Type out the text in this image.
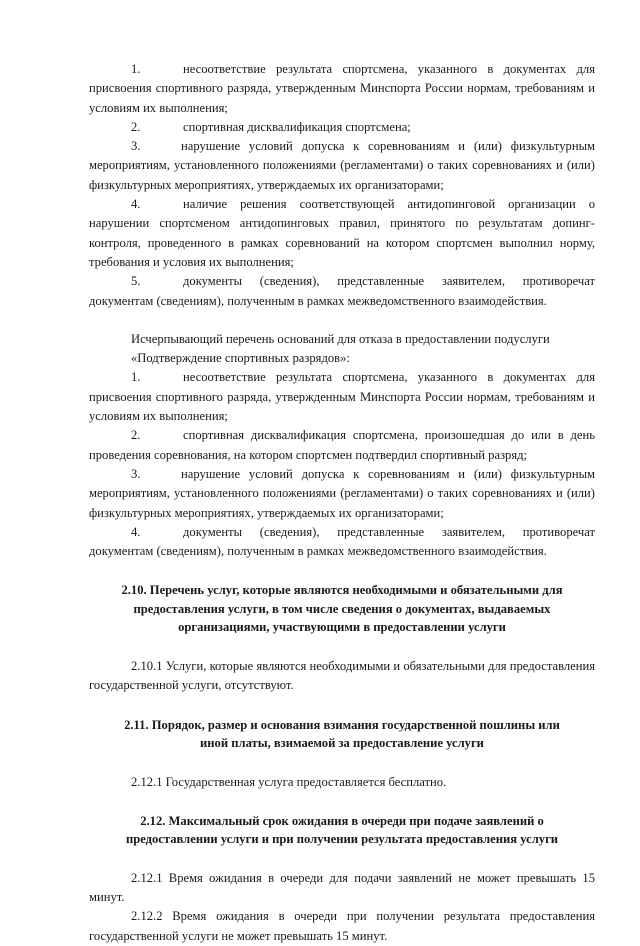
1.	несоответствие результата спортсмена, указанного в документах для присвоения спортивного разряда, утвержденным Минспорта России нормам, требованиям и условиям их выполнения;
2.	спортивная дисквалификация спортсмена;
3.	нарушение условий допуска к соревнованиям и (или) физкультурным мероприятиям, установленного положениями (регламентами) о таких соревнованиях и (или) физкультурных мероприятиях, утверждаемых их организаторами;
4.	наличие решения соответствующей антидопинговой организации о нарушении спортсменом антидопинговых правил, принятого по результатам допинг-контроля, проведенного в рамках соревнований на котором спортсмен выполнил норму, требования и условия их выполнения;
5.	документы (сведения), представленные заявителем, противоречат документам (сведениям), полученным в рамках межведомственного взаимодействия.
Исчерпывающий перечень оснований для отказа в предоставлении подуслуги
«Подтверждение спортивных разрядов»:
1.	несоответствие результата спортсмена, указанного в документах для присвоения спортивного разряда, утвержденным Минспорта России нормам, требованиям и условиям их выполнения;
2.	спортивная дисквалификация спортсмена, произошедшая до или в день проведения соревнования, на котором спортсмен подтвердил спортивный разряд;
3.	нарушение условий допуска к соревнованиям и (или) физкультурным мероприятиям, установленного положениями (регламентами) о таких соревнованиях и (или) физкультурных мероприятиях, утверждаемых их организаторами;
4.	документы (сведения), представленные заявителем, противоречат документам (сведениям), полученным в рамках межведомственного взаимодействия.
2.10. Перечень услуг, которые являются необходимыми и обязательными для
предоставления услуги, в том числе сведения о документах, выдаваемых
организациями, участвующими в предоставлении услуги
2.10.1 Услуги, которые являются необходимыми и обязательными для предоставления государственной услуги, отсутствуют.
2.11. Порядок, размер и основания взимания государственной пошлины или
иной платы, взимаемой за предоставление услуги
2.12.1 Государственная услуга предоставляется бесплатно.
2.12. Максимальный срок ожидания в очереди при подаче заявлений о
предоставлении услуги и при получении результата предоставления услуги
2.12.1 Время ожидания в очереди для подачи заявлений не может превышать 15 минут.
2.12.2 Время ожидания в очереди при получении результата предоставления государственной услуги не может превышать 15 минут.
